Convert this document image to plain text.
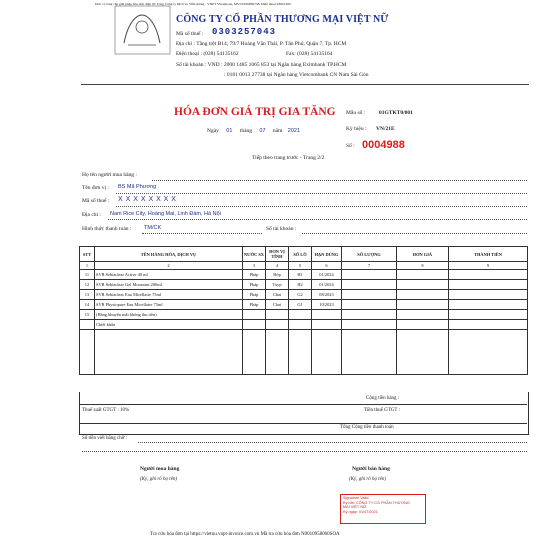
Đơn vị cung cấp giải pháp hóa đơn điện tử: Tổng Công ty Dịch vụ Viễn thông - VNPT Vinaphone, MST:0106869738, Điện thoại:18001260
CÔNG TY CỔ PHẦN THƯƠNG MẠI VIỆT NỮ
Mã số thuế : 0303257043
Địa chỉ : Tầng trệt B14, 79/7 Hoàng Văn Thái, P. Tân Phú, Quận 7, Tp. HCM
Điện thoại : (028) 54135162	Fax: (028) 54135164
Số tài khoản : VND : 2000 1485 1065 853 tại Ngân hàng Eximbank TP.HCM
: 0181 0013 27738 tại Ngân hàng Vietcombank CN Nam Sài Gòn
HÓA ĐƠN GIÁ TRỊ GIA TĂNG
Ngày 01 tháng 07 năm 2021
Mẫu số :	01GTKT0/001
Ký hiệu : VN/21E
Số : 0004988
Tiếp theo trang trước - Trang 2/2
Họ tên người mua hàng :
Tên đơn vị : BS Mã Phương
Mã số thuế : X X X X X X X X
Địa chỉ : Nam Rice City, Hoàng Mai, Linh Đàm, Hà Nội
Hình thức thanh toán : TM/CK	Số tài khoản :
STT	TÊN HÀNG HÓA, DỊCH VỤ	NƯỚC SX	ĐƠN VỊ TÍNH	SỐ LÔ	HẠN DÙNG	SỐ LƯỢNG	ĐƠN GIÁ	THÀNH TIỀN
1	2	3	4	5	6	7	8	9
11	SVR Sebiaclear Active 40 ml	Pháp	Hộp	H1	01/2024			
12	SVR Sebiaclear Gel Moussant 200ml	Pháp	Tuyp	H2	01/2024			
13	SVR Sebiaclear Eau Micellaire 75ml	Pháp	Chai	G2	08/2023			
14	SVR Physiopure Eau Micellaire 75ml	Pháp	Chai	G1	10/2023			
15	(Hàng khuyến mãi không thu tiền)							
	Chiết khấu							

Cộng tiền hàng :
Thuế suất GTGT : 10%	Tiền thuế GTGT :
Tổng Cộng tiền thanh toán
Số tiền viết bằng chữ :
Người mua hàng
(Ký, ghi rõ họ tên)
Người bán hàng
(Ký, ghi rõ họ tên)
Signature Valid
Ký bởi: CÔNG TY CỔ PHẦN THƯƠNG
MẠI VIỆT NỮ
Ký ngày: 01/07/2021
Tra cứu hóa đơn tại https://vietnu.vnpt-invoice.com.vn Mã tra cứu hóa đơn N0010958060SOA
